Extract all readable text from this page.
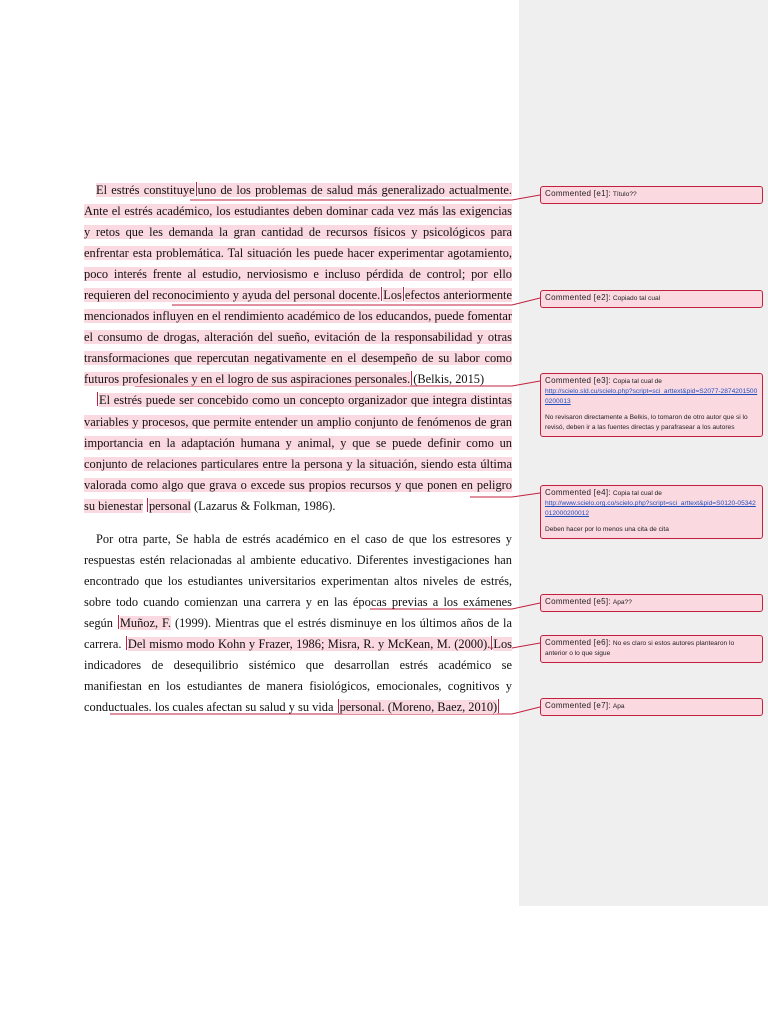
El estrés constituye uno de los problemas de salud más generalizado actualmente. Ante el estrés académico, los estudiantes deben dominar cada vez más las exigencias y retos que les demanda la gran cantidad de recursos físicos y psicológicos para enfrentar esta problemática. Tal situación les puede hacer experimentar agotamiento, poco interés frente al estudio, nerviosismo e incluso pérdida de control; por ello requieren del reconocimiento y ayuda del personal docente. Los efectos anteriormente mencionados influyen en el rendimiento académico de los educandos, puede fomentar el consumo de drogas, alteración del sueño, evitación de la responsabilidad y otras transformaciones que repercutan negativamente en el desempeño de su labor como futuros profesionales y en el logro de sus aspiraciones personales. (Belkis, 2015)

El estrés puede ser concebido como un concepto organizador que integra distintas variables y procesos, que permite entender un amplio conjunto de fenómenos de gran importancia en la adaptación humana y animal, y que se puede definir como un conjunto de relaciones particulares entre la persona y la situación, siendo esta última valorada como algo que grava o excede sus propios recursos y que ponen en peligro su bienestar personal (Lazarus & Folkman, 1986).

Por otra parte, Se habla de estrés académico en el caso de que los estresores y respuestas estén relacionadas al ambiente educativo. Diferentes investigaciones han encontrado que los estudiantes universitarios experimentan altos niveles de estrés, sobre todo cuando comienzan una carrera y en las épocas previas a los exámenes según Muñoz, F. (1999). Mientras que el estrés disminuye en los últimos años de la carrera. Del mismo modo Kohn y Frazer, 1986; Misra, R. y McKean, M. (2000). Los indicadores de desequilibrio sistémico que desarrollan estrés académico se manifiestan en los estudiantes de manera fisiológicos, emocionales, cognitivos y conductuales. los cuales afectan su salud y su vida personal. (Moreno, Baez, 2010)

Commented [e1]: Título??
Commented [e2]: Copiado tal cual
Commented [e3]: Copia tal cual de
http://scielo.sld.cu/scielo.php?script=sci_arttext&pid=S2077-28742015000200013
No revisaron directamente a Belkis, lo tomaron de otro autor que si lo revisó, deben ir a las fuentes directas y parafrasear a los autores
Commented [e4]: Copia tal cual de
http://www.scielo.org.co/scielo.php?script=sci_arttext&pid=S0120-05342012000200012
Deben hacer por lo menos una cita de cita
Commented [e5]: Apa??
Commented [e6]: No es claro si estos autores plantearon lo anterior o lo que sigue
Commented [e7]: Apa
